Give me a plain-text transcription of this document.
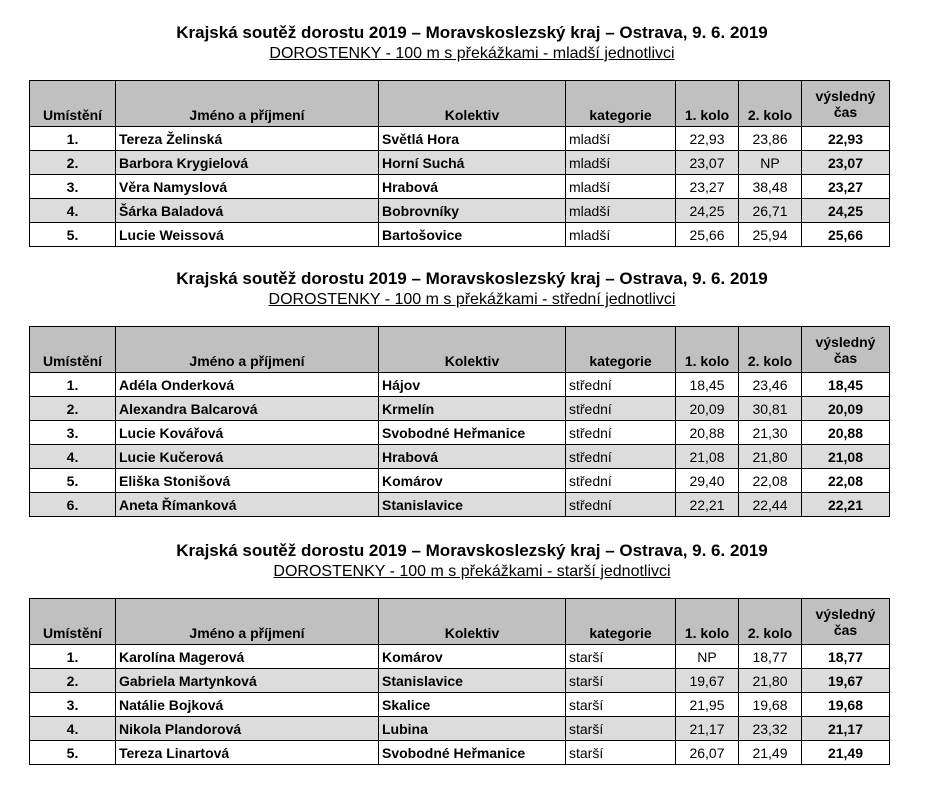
Krajská soutěž dorostu 2019 – Moravskoslezský kraj – Ostrava, 9. 6. 2019
DOROSTENKY - 100 m s překážkami - mladší jednotlivci
Umístění	Jméno a příjmení	Kolektiv	kategorie	1. kolo	2. kolo	výsledný
čas
1.	Tereza Želinská	Světlá Hora	mladší	22,93	23,86	22,93
2.	Barbora Krygielová	Horní Suchá	mladší	23,07	NP	23,07
3.	Věra Namyslová	Hrabová	mladší	23,27	38,48	23,27
4.	Šárka Baladová	Bobrovníky	mladší	24,25	26,71	24,25
5.	Lucie Weissová	Bartošovice	mladší	25,66	25,94	25,66
Krajská soutěž dorostu 2019 – Moravskoslezský kraj – Ostrava, 9. 6. 2019
DOROSTENKY - 100 m s překážkami - střední jednotlivci
Umístění	Jméno a příjmení	Kolektiv	kategorie	1. kolo	2. kolo	výsledný
čas
1.	Adéla Onderková	Hájov	střední	18,45	23,46	18,45
2.	Alexandra Balcarová	Krmelín	střední	20,09	30,81	20,09
3.	Lucie Kovářová	Svobodné Heřmanice	střední	20,88	21,30	20,88
4.	Lucie Kučerová	Hrabová	střední	21,08	21,80	21,08
5.	Eliška Stonišová	Komárov	střední	29,40	22,08	22,08
6.	Aneta Římanková	Stanislavice	střední	22,21	22,44	22,21
Krajská soutěž dorostu 2019 – Moravskoslezský kraj – Ostrava, 9. 6. 2019
DOROSTENKY - 100 m s překážkami - starší jednotlivci
Umístění	Jméno a příjmení	Kolektiv	kategorie	1. kolo	2. kolo	výsledný
čas
1.	Karolína Magerová	Komárov	starší	NP	18,77	18,77
2.	Gabriela Martynková	Stanislavice	starší	19,67	21,80	19,67
3.	Natálie Bojková	Skalice	starší	21,95	19,68	19,68
4.	Nikola Plandorová	Lubina	starší	21,17	23,32	21,17
5.	Tereza Linartová	Svobodné Heřmanice	starší	26,07	21,49	21,49
